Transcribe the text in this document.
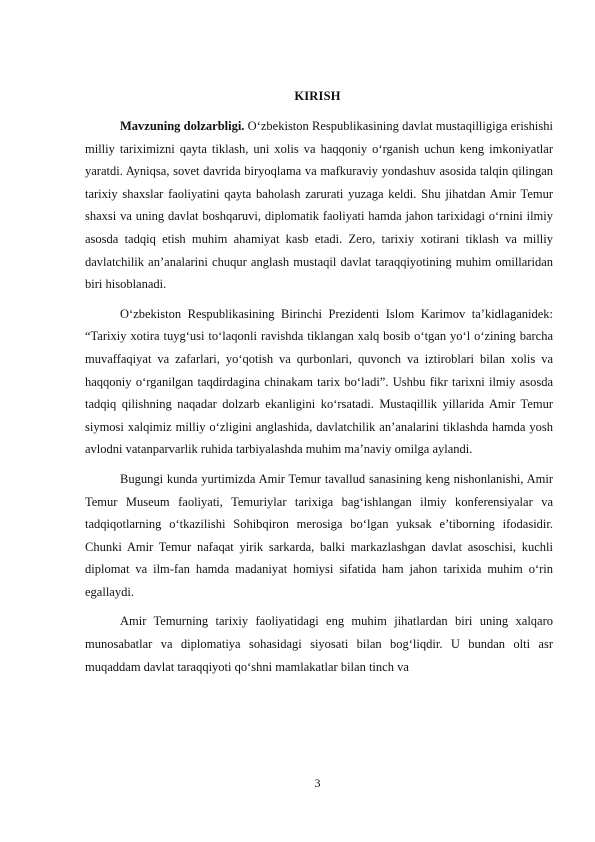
KIRISH

Mavzuning dolzarbligi. O‘zbekiston Respublikasining davlat mustaqilligiga erishishi milliy tariximizni qayta tiklash, uni xolis va haqqoniy o‘rganish uchun keng imkoniyatlar yaratdi. Ayniqsa, sovet davrida biryoqlama va mafkuraviy yondashuv asosida talqin qilingan tarixiy shaxslar faoliyatini qayta baholash zarurati yuzaga keldi. Shu jihatdan Amir Temur shaxsi va uning davlat boshqaruvi, diplomatik faoliyati hamda jahon tarixidagi o‘rnini ilmiy asosda tadqiq etish muhim ahamiyat kasb etadi. Zero, tarixiy xotirani tiklash va milliy davlatchilik an’analarini chuqur anglash mustaqil davlat taraqqiyotining muhim omillaridan biri hisoblanadi.

O‘zbekiston Respublikasining Birinchi Prezidenti Islom Karimov ta’kidlaganidek: “Tarixiy xotira tuyg‘usi to‘laqonli ravishda tiklangan xalq bosib o‘tgan yo‘l o‘zining barcha muvaffaqiyat va zafarlari, yo‘qotish va qurbonlari, quvonch va iztiroblari bilan xolis va haqqoniy o‘rganilgan taqdirdagina chinakam tarix bo‘ladi”. Ushbu fikr tarixni ilmiy asosda tadqiq qilishning naqadar dolzarb ekanligini ko‘rsatadi. Mustaqillik yillarida Amir Temur siymosi xalqimiz milliy o‘zligini anglashida, davlatchilik an’analarini tiklashda hamda yosh avlodni vatanparvarlik ruhida tarbiyalashda muhim ma’naviy omilga aylandi.

Bugungi kunda yurtimizda Amir Temur tavallud sanasining keng nishonlanishi, Amir Temur Museum faoliyati, Temuriylar tarixiga bag‘ishlangan ilmiy konferensiyalar va tadqiqotlarning o‘tkazilishi Sohibqiron merosiga bo‘lgan yuksak e’tiborning ifodasidir. Chunki Amir Temur nafaqat yirik sarkarda, balki markazlashgan davlat asoschisi, kuchli diplomat va ilm-fan hamda madaniyat homiysi sifatida ham jahon tarixida muhim o‘rin egallaydi.

Amir Temurning tarixiy faoliyatidagi eng muhim jihatlardan biri uning xalqaro munosabatlar va diplomatiya sohasidagi siyosati bilan bog‘liqdir. U bundan olti asr muqaddam davlat taraqqiyoti qo‘shni mamlakatlar bilan tinch va

3
